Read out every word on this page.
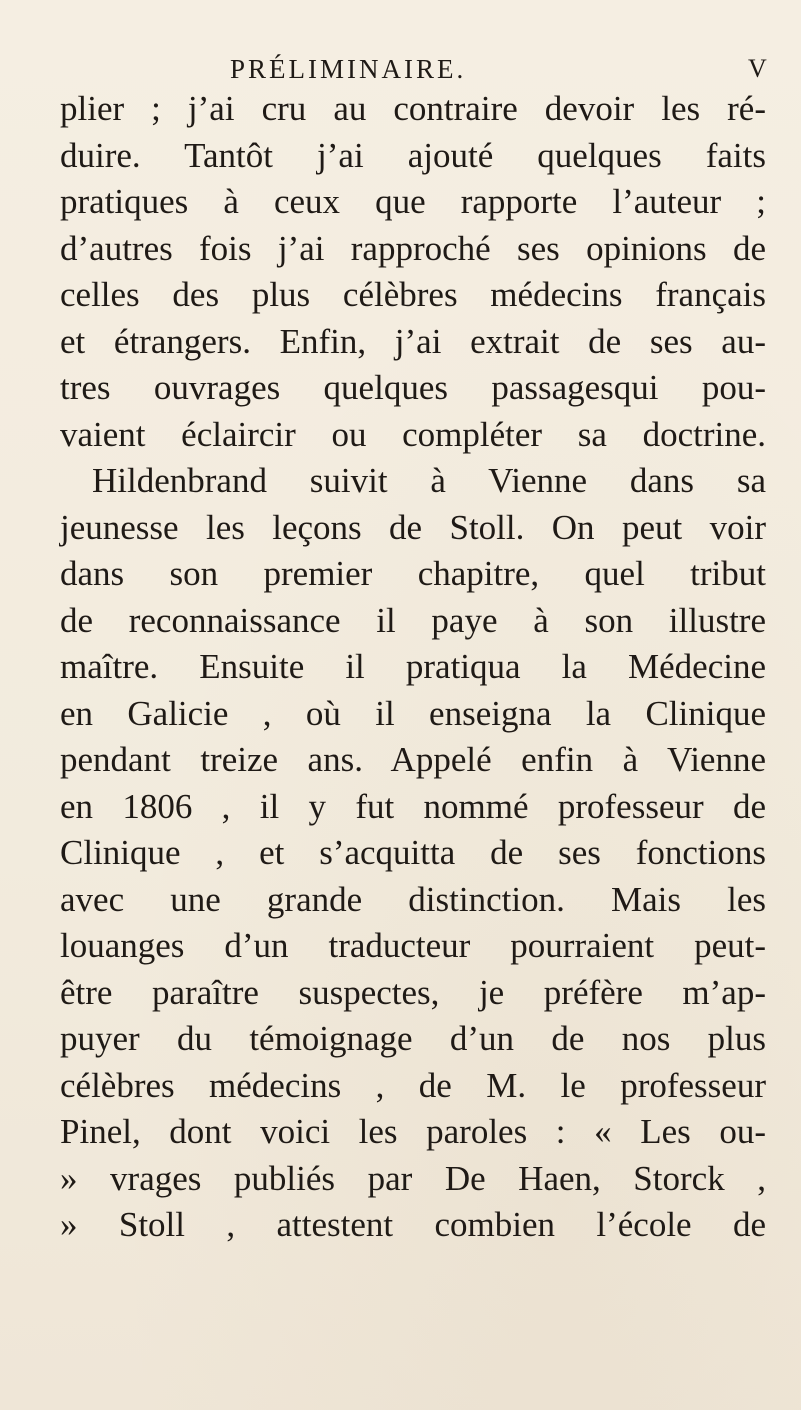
PRÉLIMINAIRE.	V
plier ; j’ai cru au contraire devoir les ré-
duire. Tantôt j’ai ajouté quelques faits
pratiques à ceux que rapporte l’auteur ;
d’autres fois j’ai rapproché ses opinions de
celles des plus célèbres médecins français
et étrangers. Enfin, j’ai extrait de ses au-
tres ouvrages quelques passagesqui pou-
vaient éclaircir ou compléter sa doctrine.
Hildenbrand suivit à Vienne dans sa
jeunesse les leçons de Stoll. On peut voir
dans son premier chapitre, quel tribut
de reconnaissance il paye à son illustre
maître. Ensuite il pratiqua la Médecine
en Galicie , où il enseigna la Clinique
pendant treize ans. Appelé enfin à Vienne
en 1806 , il y fut nommé professeur de
Clinique , et s’acquitta de ses fonctions
avec une grande distinction. Mais les
louanges d’un traducteur pourraient peut-
être paraître suspectes, je préfère m’ap-
puyer du témoignage d’un de nos plus
célèbres médecins , de M. le professeur
Pinel, dont voici les paroles : « Les ou-
» vrages publiés par De Haen, Storck ,
» Stoll , attestent combien l’école de
